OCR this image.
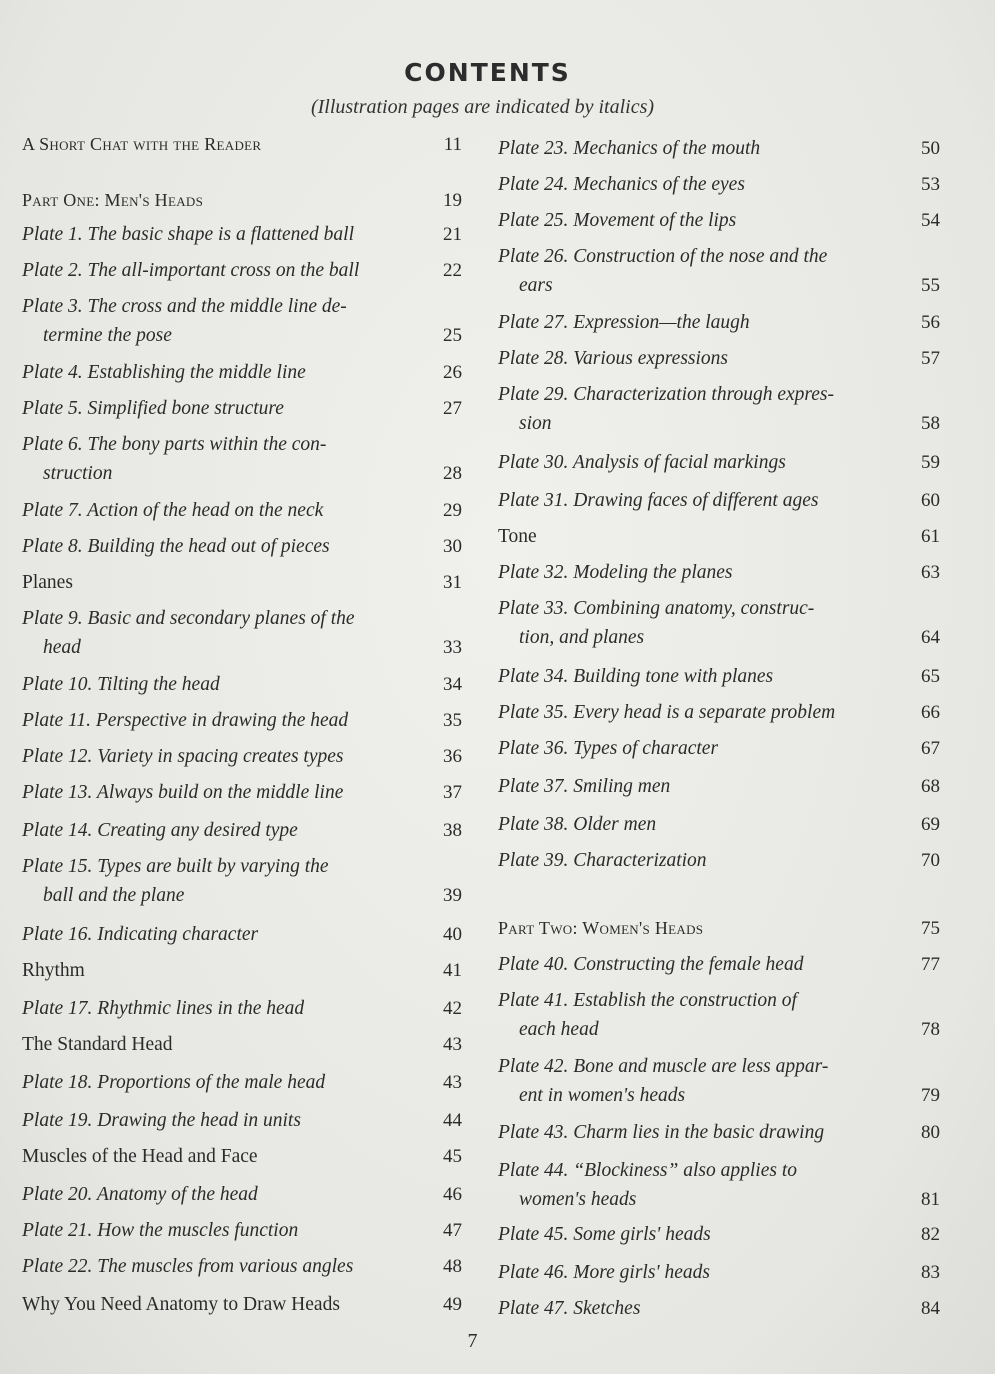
CONTENTS
(Illustration pages are indicated by italics)
A Short Chat with the Reader	11
Part One: Men's Heads	19
Plate 1. The basic shape is a flattened ball	21
Plate 2. The all-important cross on the ball	22
Plate 3. The cross and the middle line de-
termine the pose	25
Plate 4. Establishing the middle line	26
Plate 5. Simplified bone structure	27
Plate 6. The bony parts within the con-
struction	28
Plate 7. Action of the head on the neck	29
Plate 8. Building the head out of pieces	30
Planes	31
Plate 9. Basic and secondary planes of the
head	33
Plate 10. Tilting the head	34
Plate 11. Perspective in drawing the head	35
Plate 12. Variety in spacing creates types	36
Plate 13. Always build on the middle line	37
Plate 14. Creating any desired type	38
Plate 15. Types are built by varying the
ball and the plane	39
Plate 16. Indicating character	40
Rhythm	41
Plate 17. Rhythmic lines in the head	42
The Standard Head	43
Plate 18. Proportions of the male head	43
Plate 19. Drawing the head in units	44
Muscles of the Head and Face	45
Plate 20. Anatomy of the head	46
Plate 21. How the muscles function	47
Plate 22. The muscles from various angles	48
Why You Need Anatomy to Draw Heads	49
Plate 23. Mechanics of the mouth	50
Plate 24. Mechanics of the eyes	53
Plate 25. Movement of the lips	54
Plate 26. Construction of the nose and the
ears	55
Plate 27. Expression—the laugh	56
Plate 28. Various expressions	57
Plate 29. Characterization through expres-
sion	58
Plate 30. Analysis of facial markings	59
Plate 31. Drawing faces of different ages	60
Tone	61
Plate 32. Modeling the planes	63
Plate 33. Combining anatomy, construc-
tion, and planes	64
Plate 34. Building tone with planes	65
Plate 35. Every head is a separate problem	66
Plate 36. Types of character	67
Plate 37. Smiling men	68
Plate 38. Older men	69
Plate 39. Characterization	70
Part Two: Women's Heads	75
Plate 40. Constructing the female head	77
Plate 41. Establish the construction of
each head	78
Plate 42. Bone and muscle are less appar-
ent in women's heads	79
Plate 43. Charm lies in the basic drawing	80
Plate 44. “Blockiness” also applies to
women's heads	81
Plate 45. Some girls' heads	82
Plate 46. More girls' heads	83
Plate 47. Sketches	84
7
